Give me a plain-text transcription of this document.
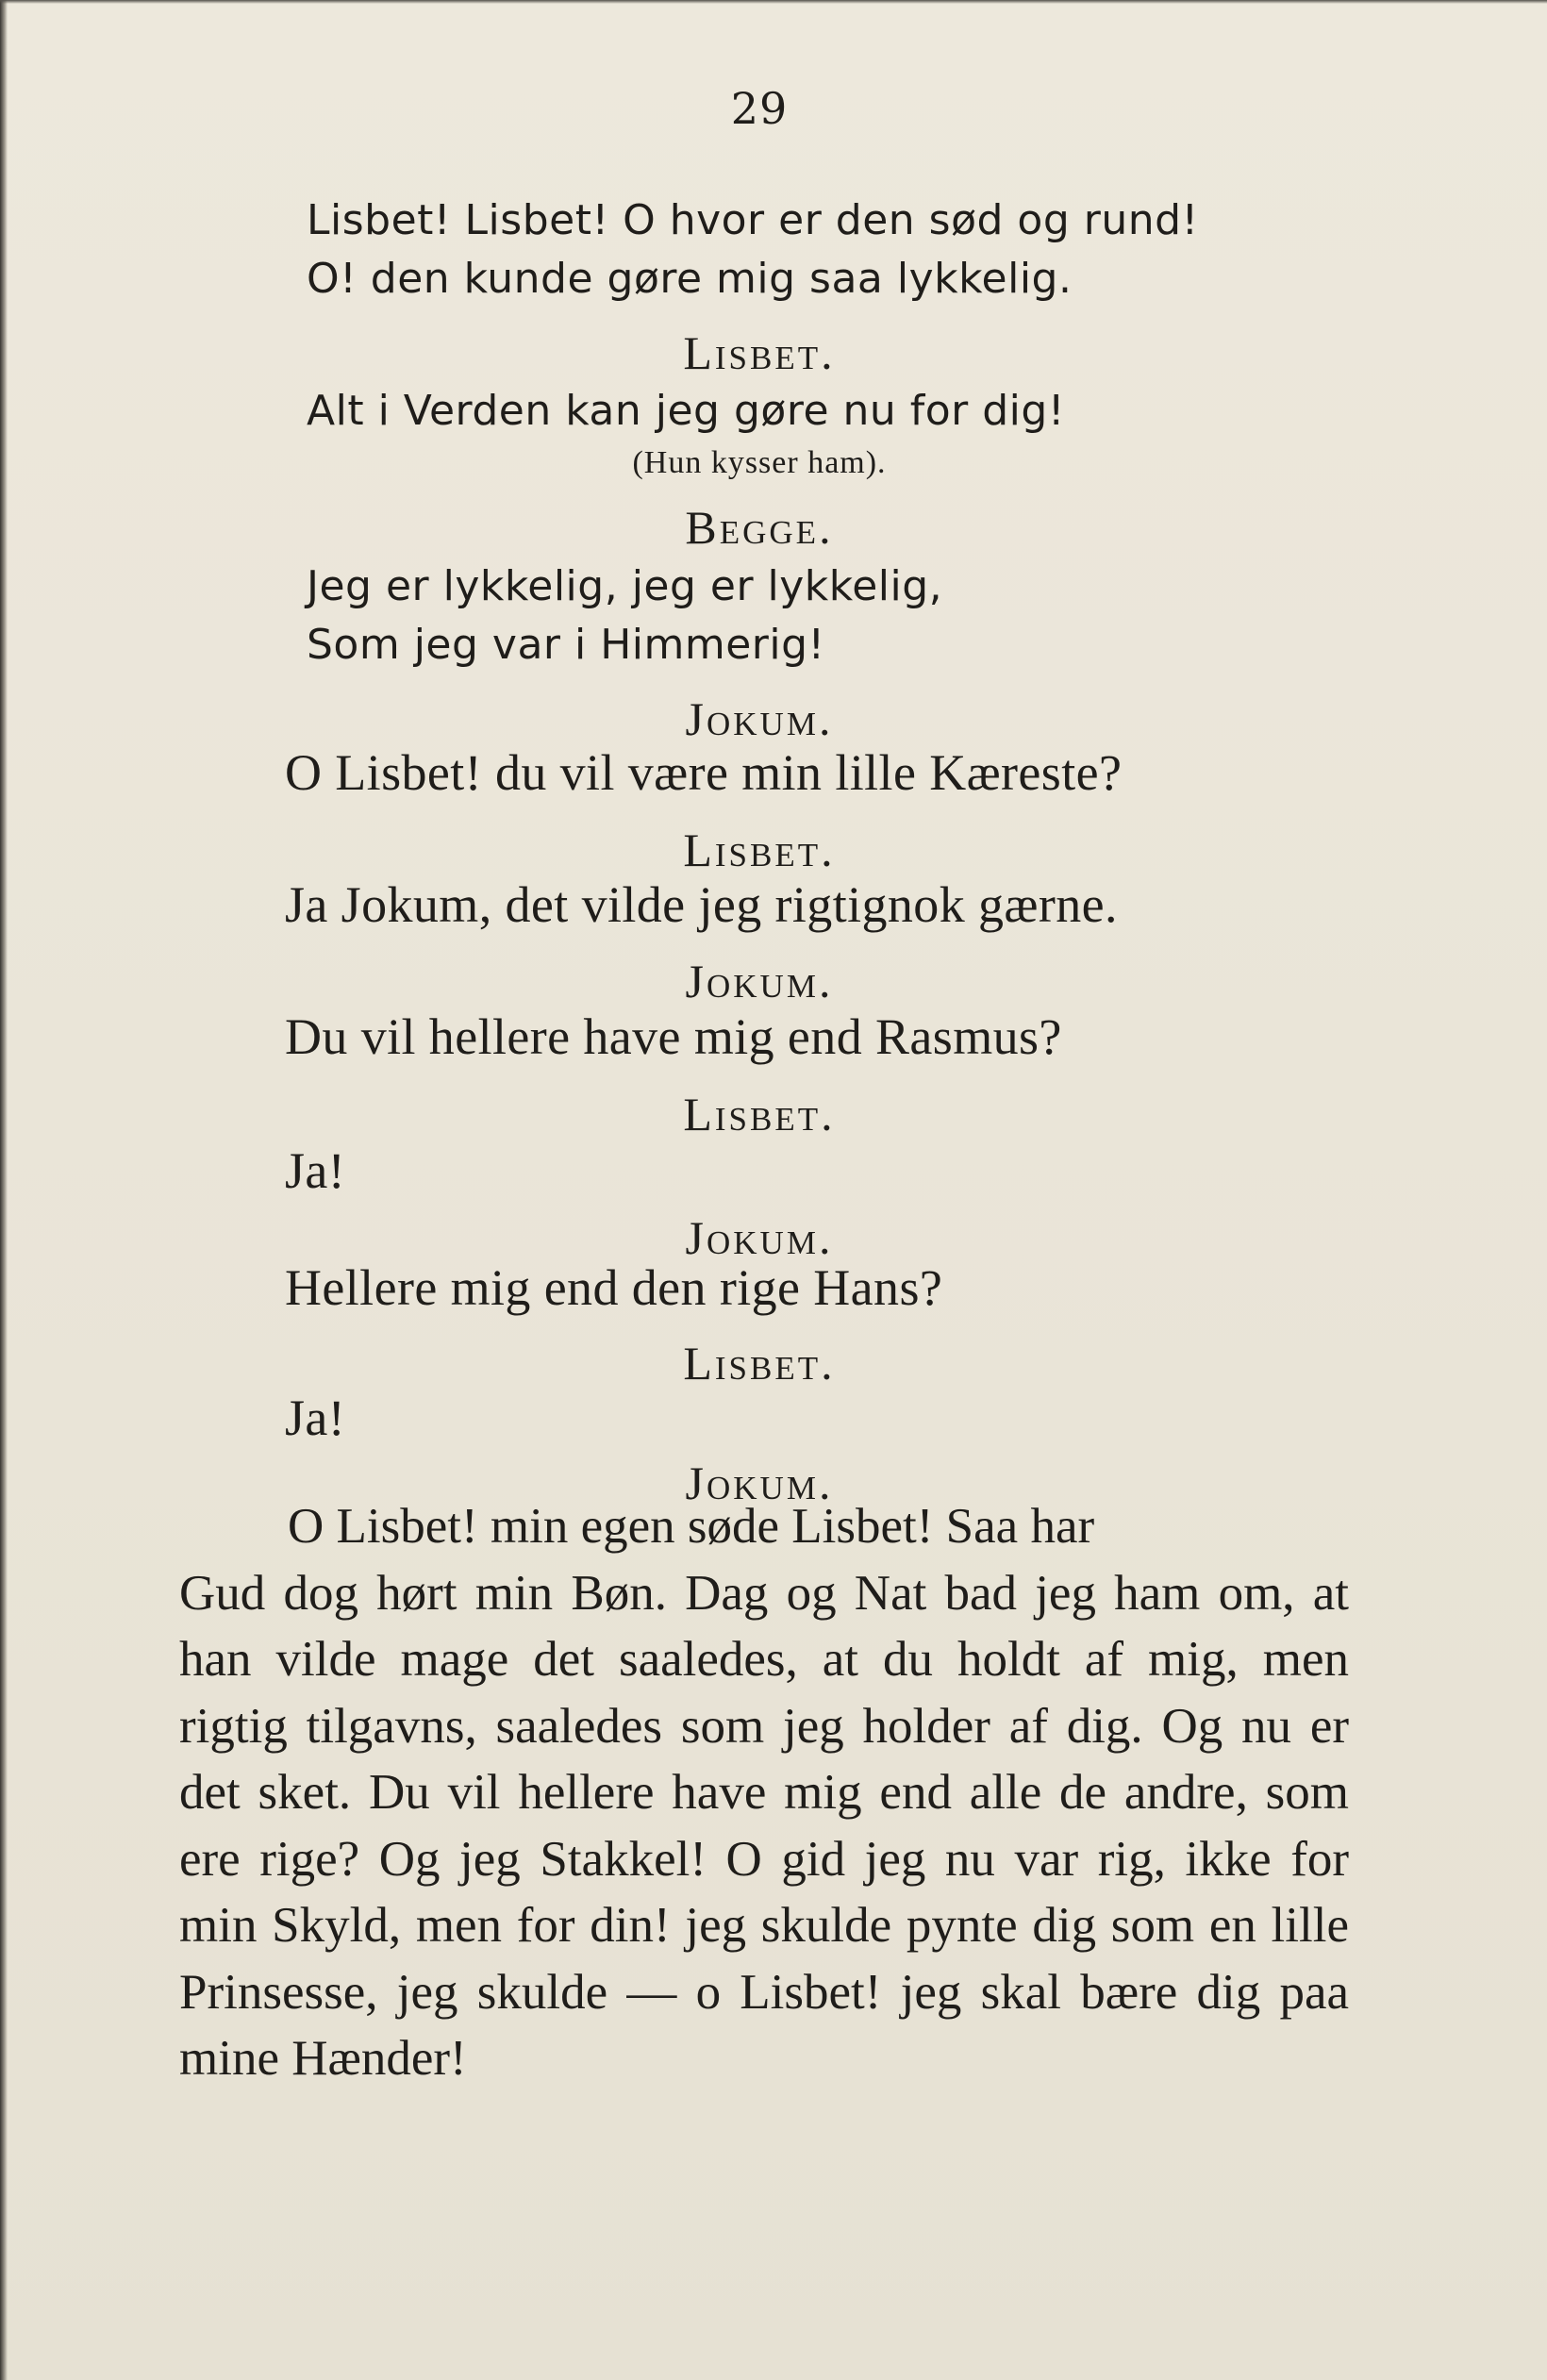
29
Lisbet! Lisbet! O hvor er den sød og rund!
O! den kunde gøre mig saa lykkelig.
Lisbet.
Alt i Verden kan jeg gøre nu for dig!
(Hun kysser ham).
Begge.
Jeg er lykkelig, jeg er lykkelig,
Som jeg var i Himmerig!
Jokum.
O Lisbet! du vil være min lille Kæreste?
Lisbet.
Ja Jokum, det vilde jeg rigtignok gærne.
Jokum.
Du vil hellere have mig end Rasmus?
Lisbet.
Ja!
Jokum.
Hellere mig end den rige Hans?
Lisbet.
Ja!
Jokum.
O Lisbet! min egen søde Lisbet! Saa har
Gud dog hørt min Bøn. Dag og Nat bad jeg ham om, at han vilde mage det saaledes, at du holdt af mig, men rigtig tilgavns, saaledes som jeg holder af dig. Og nu er det sket. Du vil hellere have mig end alle de andre, som ere rige? Og jeg Stakkel! O gid jeg nu var rig, ikke for min Skyld, men for din! jeg skulde pynte dig som en lille Prinsesse, jeg skulde — o Lisbet! jeg skal bære dig paa mine Hænder!
